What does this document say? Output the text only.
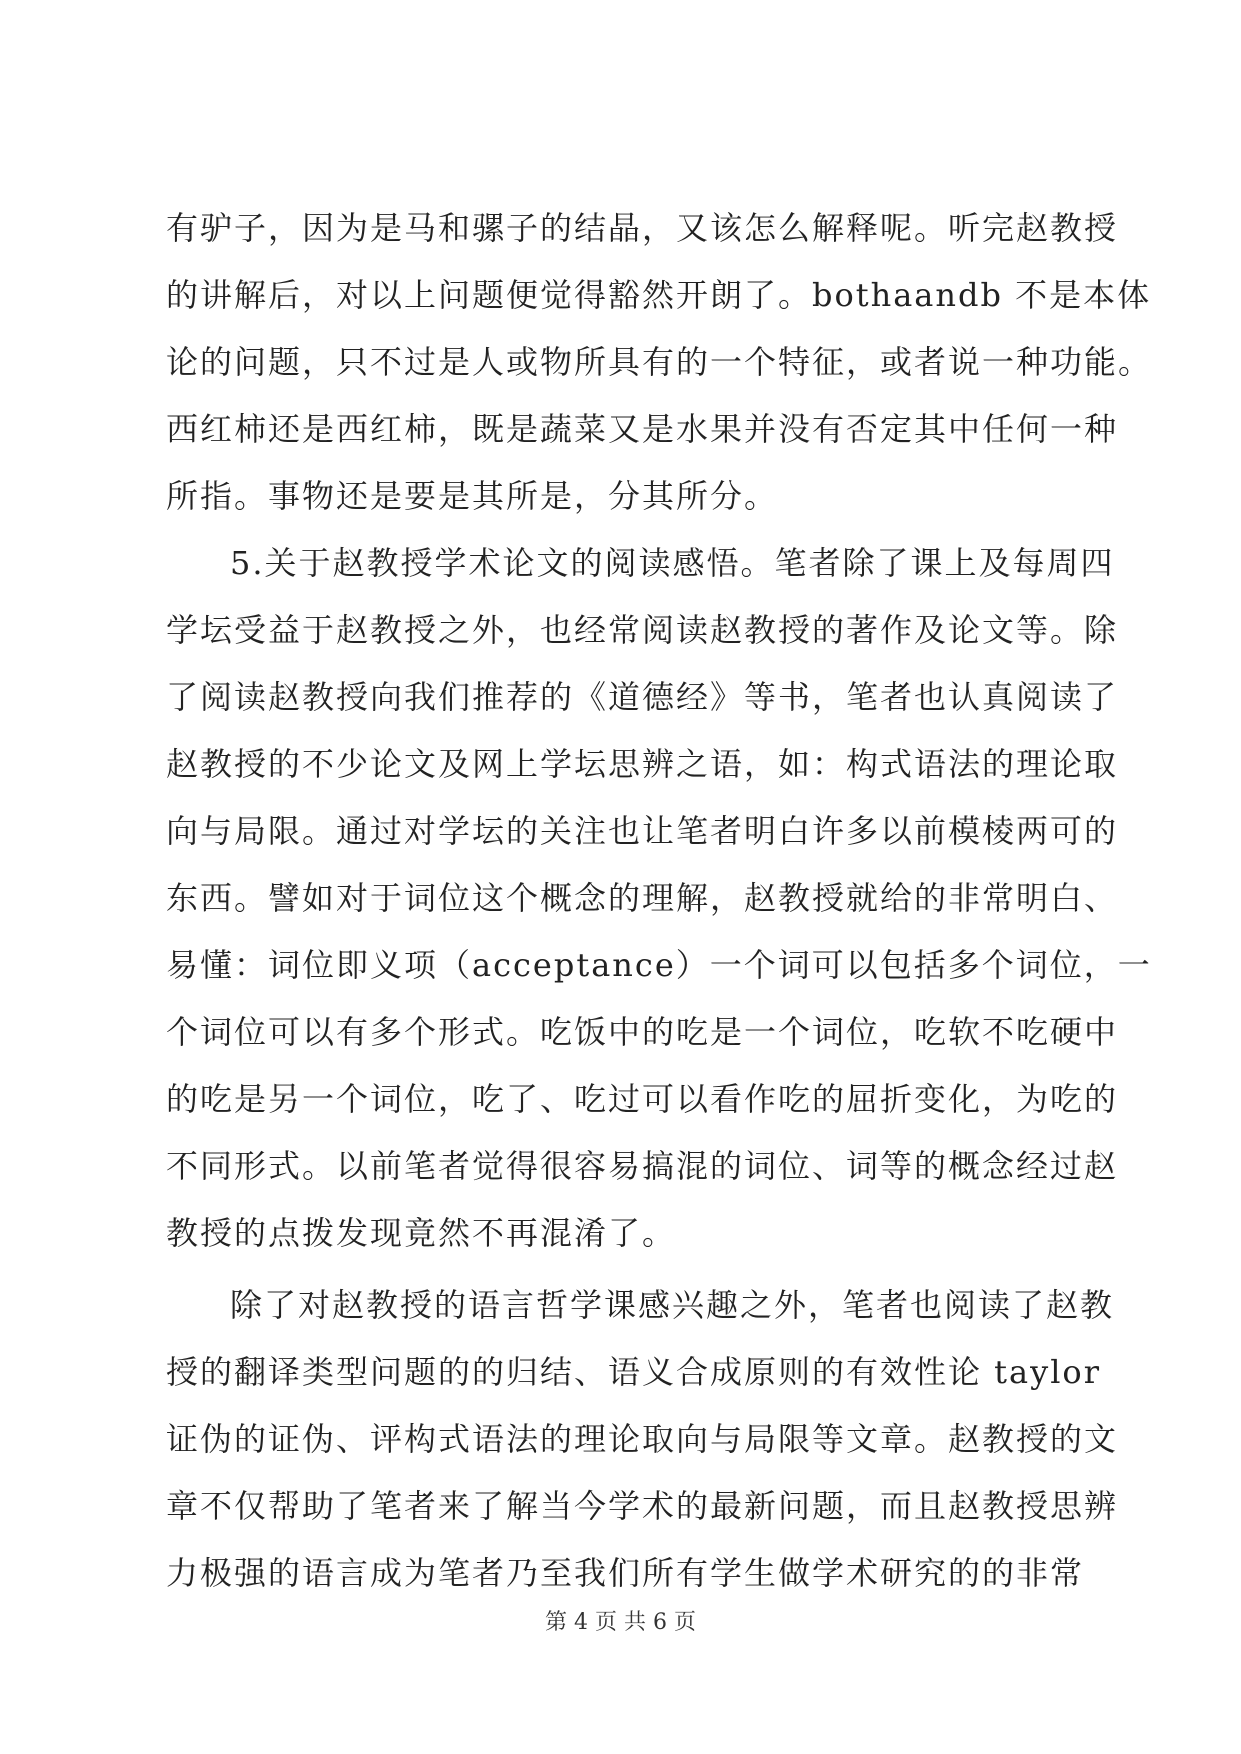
有驴子，因为是马和骡子的结晶，又该怎么解释呢。听完赵教授
的讲解后，对以上问题便觉得豁然开朗了。bothaandb 不是本体
论的问题，只不过是人或物所具有的一个特征，或者说一种功能。
西红柿还是西红柿，既是蔬菜又是水果并没有否定其中任何一种
所指。事物还是要是其所是，分其所分。
5.关于赵教授学术论文的阅读感悟。笔者除了课上及每周四
学坛受益于赵教授之外，也经常阅读赵教授的著作及论文等。除
了阅读赵教授向我们推荐的《道德经》等书，笔者也认真阅读了
赵教授的不少论文及网上学坛思辨之语，如：构式语法的理论取
向与局限。通过对学坛的关注也让笔者明白许多以前模棱两可的
东西。譬如对于词位这个概念的理解，赵教授就给的非常明白、
易懂：词位即义项（acceptance）一个词可以包括多个词位，一
个词位可以有多个形式。吃饭中的吃是一个词位，吃软不吃硬中
的吃是另一个词位，吃了、吃过可以看作吃的屈折变化，为吃的
不同形式。以前笔者觉得很容易搞混的词位、词等的概念经过赵
教授的点拨发现竟然不再混淆了。
除了对赵教授的语言哲学课感兴趣之外，笔者也阅读了赵教
授的翻译类型问题的的归结、语义合成原则的有效性论 taylor
证伪的证伪、评构式语法的理论取向与局限等文章。赵教授的文
章不仅帮助了笔者来了解当今学术的最新问题，而且赵教授思辨
力极强的语言成为笔者乃至我们所有学生做学术研究的的非常
第 4 页 共 6 页
